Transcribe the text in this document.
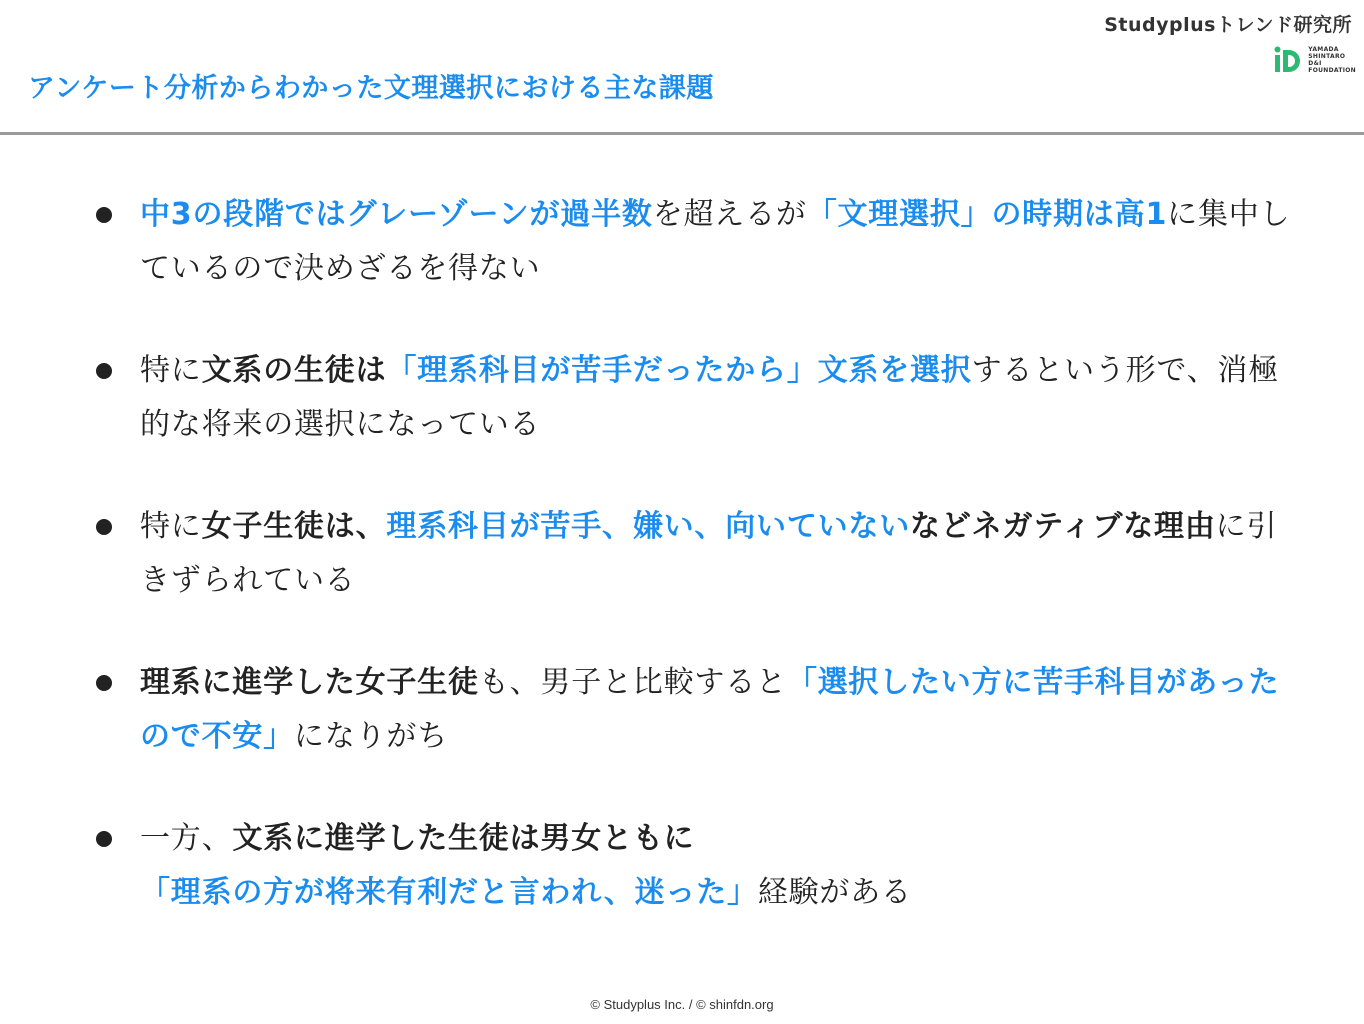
Studyplusトレンド研究所
YAMADA
SHINTARO
D&I
FOUNDATION
アンケート分析からわかった文理選択における主な課題
中3の段階ではグレーゾーンが過半数を超えるが「文理選択」の時期は高1に集中しているので決めざるを得ない
特に文系の生徒は「理系科目が苦手だったから」文系を選択するという形で、消極的な将来の選択になっている
特に女子生徒は、理系科目が苦手、嫌い、向いていないなどネガティブな理由に引きずられている
理系に進学した女子生徒も、男子と比較すると「選択したい方に苦手科目があったので不安」になりがち
一方、文系に進学した生徒は男女ともに「理系の方が将来有利だと言われ、迷った」経験がある
© Studyplus Inc. / © shinfdn.org
